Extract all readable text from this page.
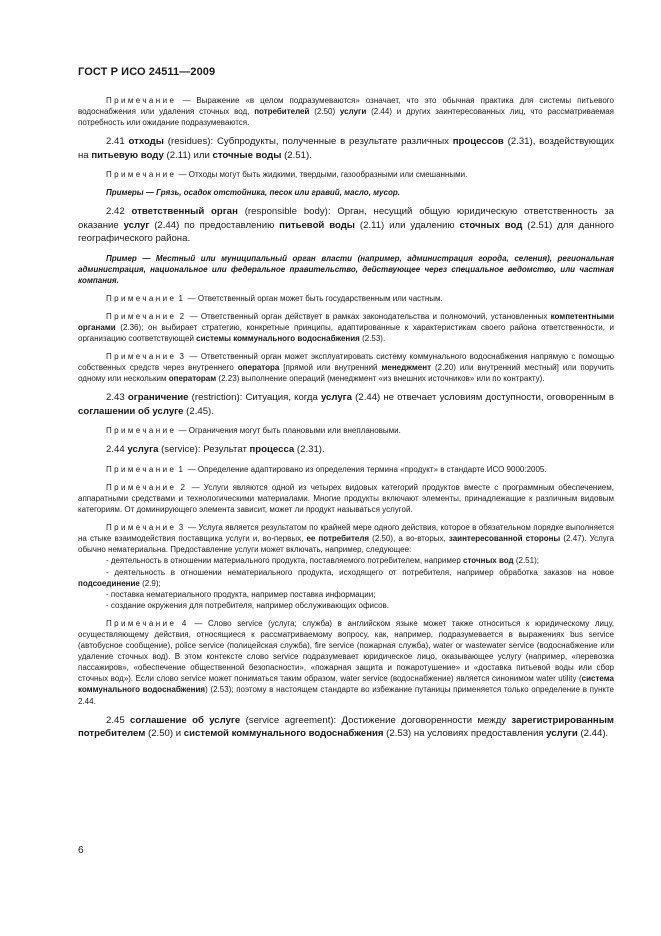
ГОСТ Р ИСО 24511—2009

Примечание — Выражение «в целом подразумеваются» означает, что это обычная практика для системы питьевого водоснабжения или удаления сточных вод, потребителей (2.50) услуги (2.44) и других заинтересованных лиц, что рассматриваемая потребность или ожидание подразумеваются.

2.41 отходы (residues): Субпродукты, полученные в результате различных процессов (2.31), воздействующих на питьевую воду (2.11) или сточные воды (2.51).

Примечание — Отходы могут быть жидкими, твердыми, газообразными или смешанными.

Примеры — Грязь, осадок отстойника, песок или гравий, масло, мусор.

2.42 ответственный орган (responsible body): Орган, несущий общую юридическую ответственность за оказание услуг (2.44) по предоставлению питьевой воды (2.11) или удалению сточных вод (2.51) для данного географического района.

Пример — Местный или муниципальный орган власти (например, администрация города, селения), региональная администрация, национальное или федеральное правительство, действующее через специальное ведомство, или частная компания.

Примечание 1 — Ответственный орган может быть государственным или частным.

Примечание 2 — Ответственный орган действует в рамках законодательства и полномочий, установленных компетентными органами (2.36); он выбирает стратегию, конкретные принципы, адаптированные к характеристикам своего района ответственности, и организацию соответствующей системы коммунального водоснабжения (2.53).

Примечание 3 — Ответственный орган может эксплуатировать систему коммунального водоснабжения напрямую с помощью собственных средств через внутреннего оператора [прямой или внутренний менеджмент (2.20) или внутренний местный] или поручить одному или нескольким операторам (2.23) выполнение операций (менеджмент «из внешних источников» или по контракту).

2.43 ограничение (restriction): Ситуация, когда услуга (2.44) не отвечает условиям доступности, оговоренным в соглашении об услуге (2.45).

Примечание — Ограничения могут быть плановыми или внеплановыми.

2.44 услуга (service): Результат процесса (2.31).

Примечание 1 — Определение адаптировано из определения термина «продукт» в стандарте ИСО 9000:2005.

Примечание 2 — Услуги являются одной из четырех видовых категорий продуктов вместе с программным обеспечением, аппаратными средствами и технологическими материалами. Многие продукты включают элементы, принадлежащие к различным видовым категориям. От доминирующего элемента зависит, может ли продукт называться услугой.

Примечание 3 — Услуга является результатом по крайней мере одного действия, которое в обязательном порядке выполняется на стыке взаимодействия поставщика услуги и, во-первых, ее потребителя (2.50), а во-вторых, заинтересованной стороны (2.47). Услуга обычно нематериальна. Предоставление услуги может включать, например, следующее:

- деятельность в отношении материального продукта, поставляемого потребителем, например сточных вод (2.51);

- деятельность в отношении нематериального продукта, исходящего от потребителя, например обработка заказов на новое подсоединение (2.9);

- поставка нематериального продукта, например поставка информации;

- создание окружения для потребителя, например обслуживающих офисов.

Примечание 4 — Слово service (услуга; служба) в английском языке может также относиться к юридическому лицу, осуществляющему действия, относящиеся к рассматриваемому вопросу, как, например, подразумевается в выражениях bus service (автобусное сообщение), police service (полицейская служба), fire service (пожарная служба), water or wastewater service (водоснабжение или удаление сточных вод). В этом контексте слово service подразумевает юридическое лицо, оказывающее услугу (например, «перевозка пассажиров», «обеспечение общественной безопасности», «пожарная защита и пожаротушение» и «доставка питьевой воды или сбор сточных вод»). Если слово service может пониматься таким образом, water service (водоснабжение) является синонимом water utility (система коммунального водоснабжения) (2.53); поэтому в настоящем стандарте во избежание путаницы применяется только определение в пункте 2.44.

2.45 соглашение об услуге (service agreement): Достижение договоренности между зарегистрированным потребителем (2.50) и системой коммунального водоснабжения (2.53) на условиях предоставления услуги (2.44).

6
